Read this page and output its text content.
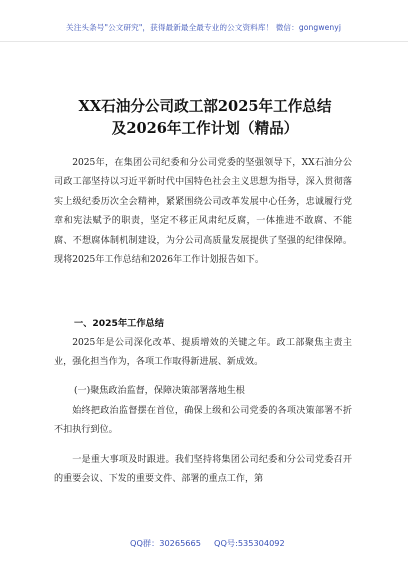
关注头条号"公文研究"，获得最新最全最专业的公文资料库！ 微信：gongwenyj
XX石油分公司政工部2025年工作总结
及2026年工作计划（精品）

2025年，在集团公司纪委和分公司党委的坚强领导下，XX石油分公司政工部坚持以习近平新时代中国特色社会主义思想为指导，深入贯彻落实上级纪委历次全会精神，紧紧围绕公司改革发展中心任务，忠诚履行党章和宪法赋予的职责，坚定不移正风肃纪反腐，一体推进不敢腐、不能腐、不想腐体制机制建设，为分公司高质量发展提供了坚强的纪律保障。现将2025年工作总结和2026年工作计划报告如下。

一、2025年工作总结

2025年是公司深化改革、提质增效的关键之年。政工部聚焦主责主业，强化担当作为，各项工作取得新进展、新成效。

(一)聚焦政治监督，保障决策部署落地生根

始终把政治监督摆在首位，确保上级和公司党委的各项决策部署不折不扣执行到位。

一是重大事项及时跟进。我们坚持将集团公司纪委和分公司党委召开的重要会议、下发的重要文件、部署的重点工作，第

QQ群：30265665 QQ号:535304092
